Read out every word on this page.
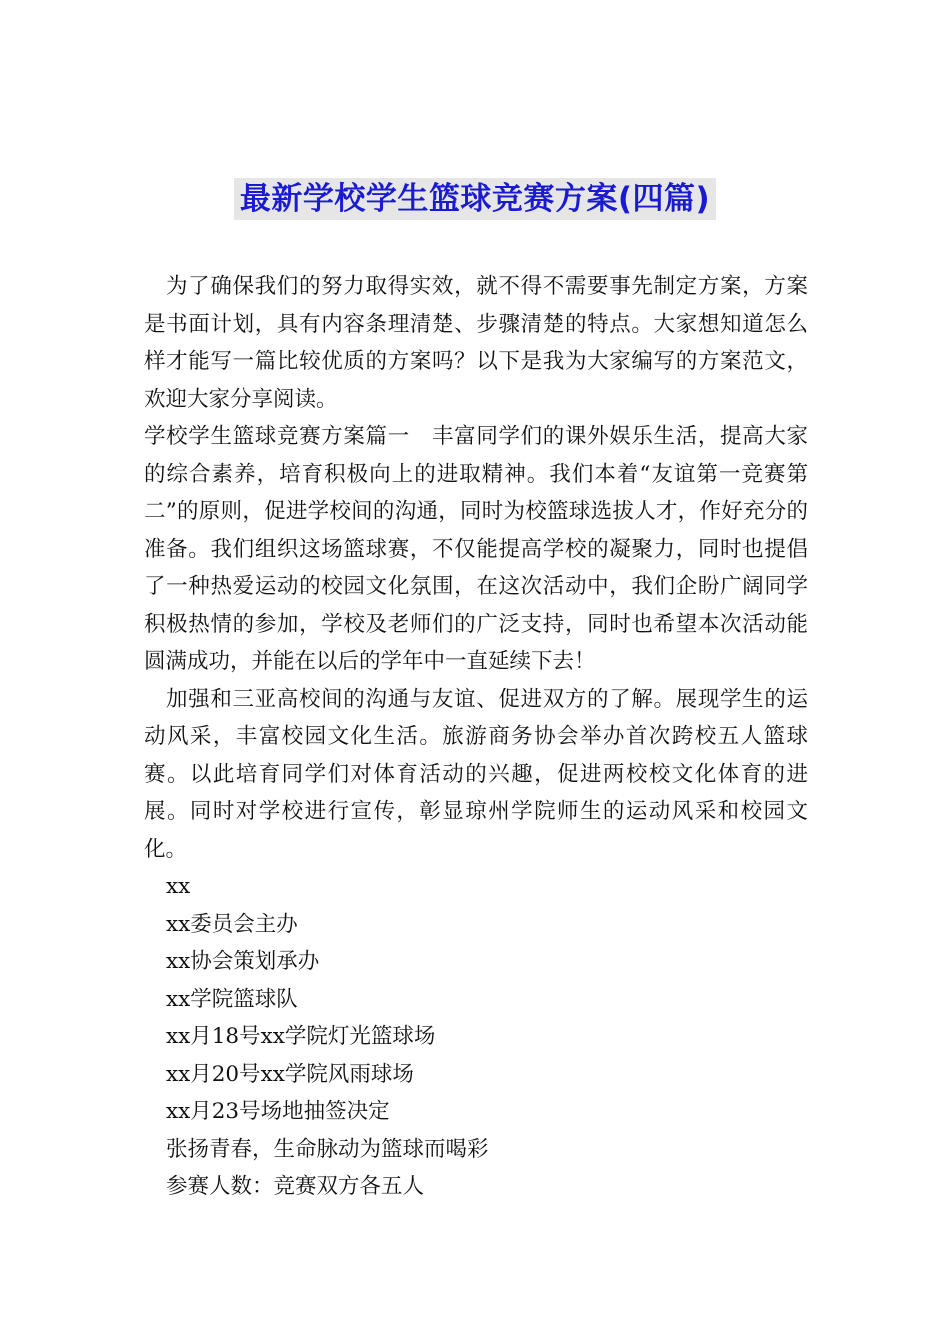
最新学校学生篮球竞赛方案(四篇)

为了确保我们的努力取得实效，就不得不需要事先制定方案，方案是书面计划，具有内容条理清楚、步骤清楚的特点。大家想知道怎么样才能写一篇比较优质的方案吗？以下是我为大家编写的方案范文，欢迎大家分享阅读。

学校学生篮球竞赛方案篇一　丰富同学们的课外娱乐生活，提高大家的综合素养，培育积极向上的进取精神。我们本着“友谊第一竞赛第二”的原则，促进学校间的沟通，同时为校篮球选拔人才，作好充分的准备。我们组织这场篮球赛，不仅能提高学校的凝聚力，同时也提倡了一种热爱运动的校园文化氛围，在这次活动中，我们企盼广阔同学积极热情的参加，学校及老师们的广泛支持，同时也希望本次活动能圆满成功，并能在以后的学年中一直延续下去！

加强和三亚高校间的沟通与友谊、促进双方的了解。展现学生的运动风采，丰富校园文化生活。旅游商务协会举办首次跨校五人篮球赛。以此培育同学们对体育活动的兴趣，促进两校校文化体育的进展。同时对学校进行宣传，彰显琼州学院师生的运动风采和校园文化。

xx
xx委员会主办
xx协会策划承办
xx学院篮球队
xx月18号xx学院灯光篮球场
xx月20号xx学院风雨球场
xx月23号场地抽签决定
张扬青春，生命脉动为篮球而喝彩
参赛人数：竞赛双方各五人
